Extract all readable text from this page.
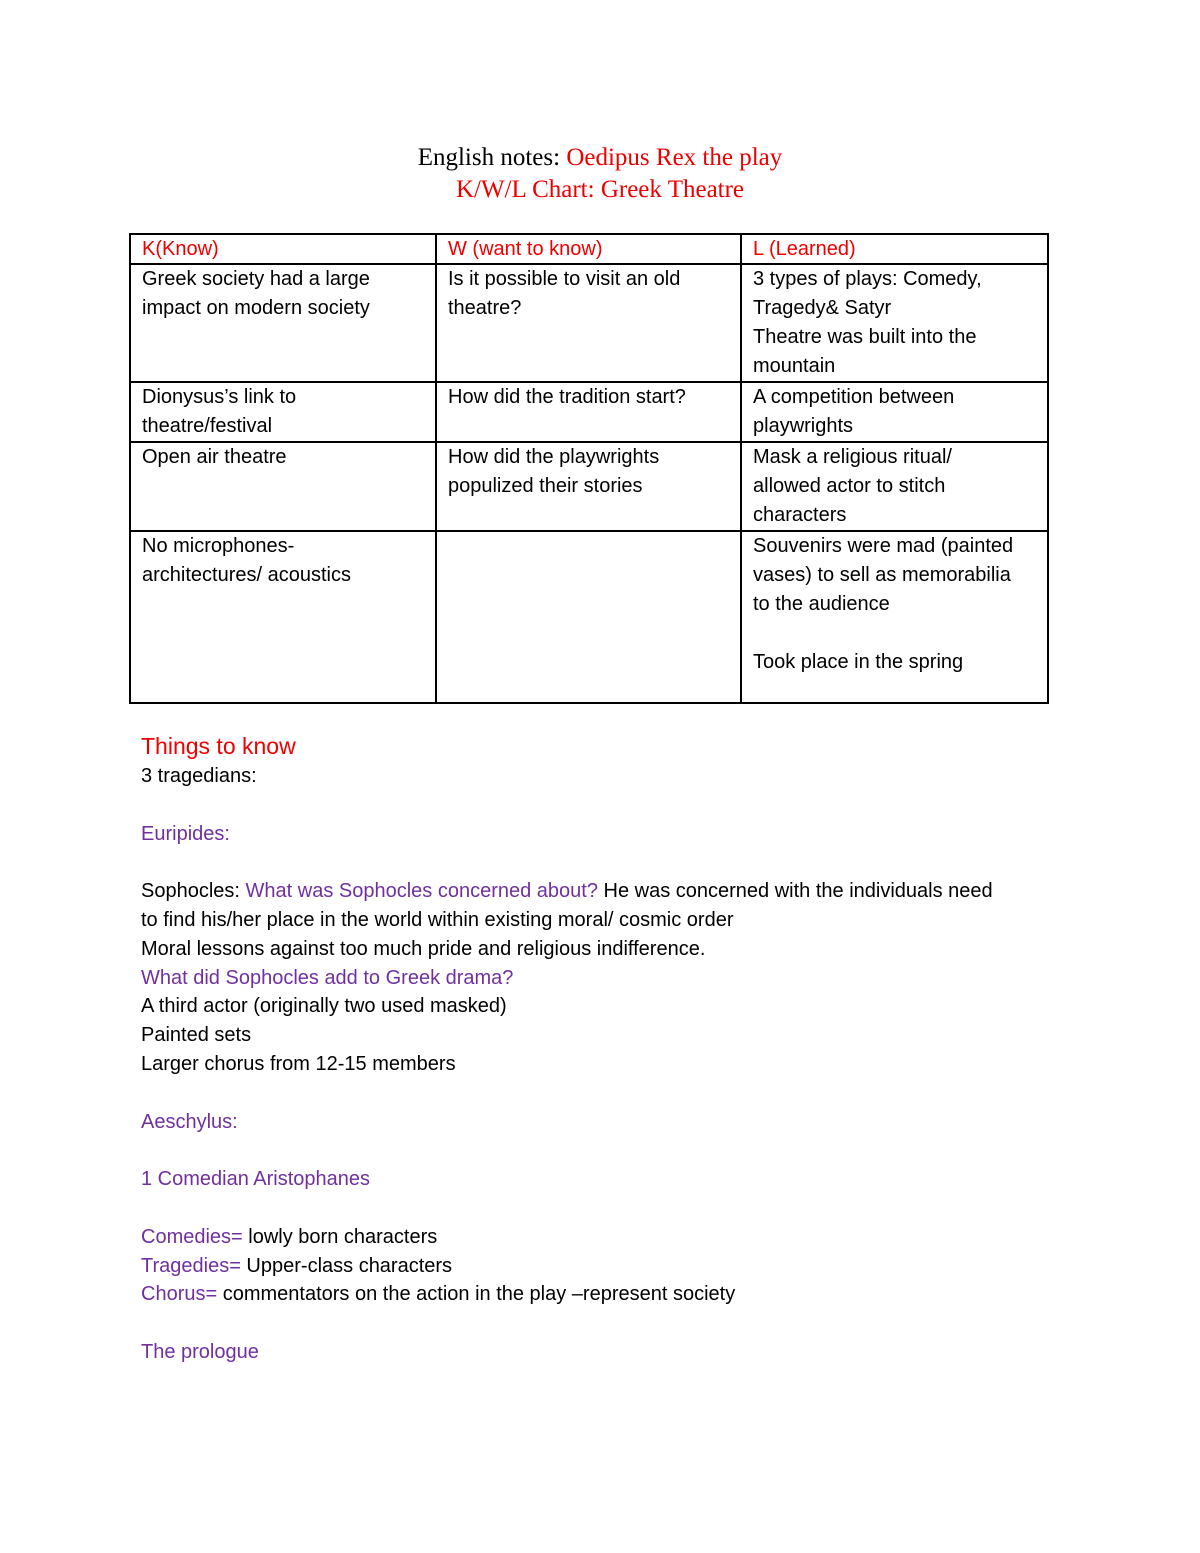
English notes: Oedipus Rex the play
K/W/L Chart: Greek Theatre
K(Know)	W (want to know)	L (Learned)

Greek society had a large
impact on modern society	Is it possible to visit an old
theatre?	3 types of plays: Comedy,
Tragedy& Satyr
Theatre was built into the
mountain

Dionysus’s link to
theatre/festival	How did the tradition start?	A competition between
playwrights

Open air theatre	How did the playwrights
populized their stories	Mask a religious ritual/
allowed actor to stitch
characters

No microphones-
architectures/ acoustics		Souvenirs were mad (painted
vases) to sell as memorabilia
to the audience
Took place in the spring
Things to know
3 tragedians:
Euripides:
Sophocles: What was Sophocles concerned about? He was concerned with the individuals need
to find his/her place in the world within existing moral/ cosmic order
Moral lessons against too much pride and religious indifference.
What did Sophocles add to Greek drama?
A third actor (originally two used masked)
Painted sets
Larger chorus from 12-15 members
Aeschylus:
1 Comedian Aristophanes
Comedies= lowly born characters
Tragedies= Upper-class characters
Chorus= commentators on the action in the play –represent society
The prologue
